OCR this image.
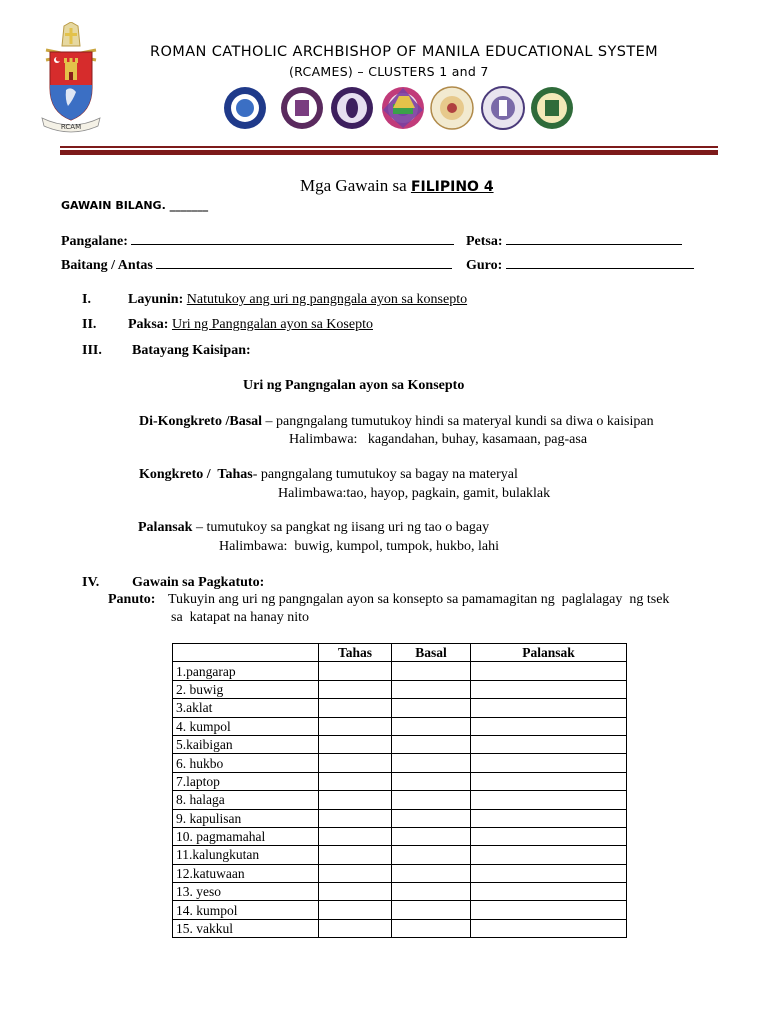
RCAM
ROMAN CATHOLIC ARCHBISHOP OF MANILA EDUCATIONAL SYSTEM
(RCAMES) – CLUSTERS 1 and 7
Mga Gawain sa FILIPINO 4
GAWAIN BILANG. _______
Pangalane:	Petsa:
Baitang / Antas	Guro:
I.	Layunin: Natutukoy ang uri ng pangngala ayon sa konsepto
II. Paksa: Uri ng Pangngalan ayon sa Kosepto
III. Batayang Kaisipan:
Uri ng Pangngalan ayon sa Konsepto
Di-Kongkreto /Basal – pangngalang tumutukoy hindi sa materyal kundi sa diwa o kaisipan
Halimbawa:   kagandahan, buhay, kasamaan, pag-asa
Kongkreto /  Tahas- pangngalang tumutukoy sa bagay na materyal
Halimbawa:tao, hayop, pagkain, gamit, bulaklak
Palansak – tumutukoy sa pangkat ng iisang uri ng tao o bagay
Halimbawa:  buwig, kumpol, tumpok, hukbo, lahi
IV. Gawain sa Pagkatuto:
Panuto: Tukuyin ang uri ng pangngalan ayon sa konsepto sa pamamagitan ng  paglalagay  ng tsek
sa  katapat na hanay nito
	Tahas	Basal	Palansak
1.pangarap			
2. buwig			
3.aklat			
4. kumpol			
5.kaibigan			
6. hukbo			
7.laptop			
8. halaga			
9. kapulisan			
10. pagmamahal			
11.kalungkutan			
12.katuwaan			
13. yeso			
14. kumpol			
15. vakkul			
